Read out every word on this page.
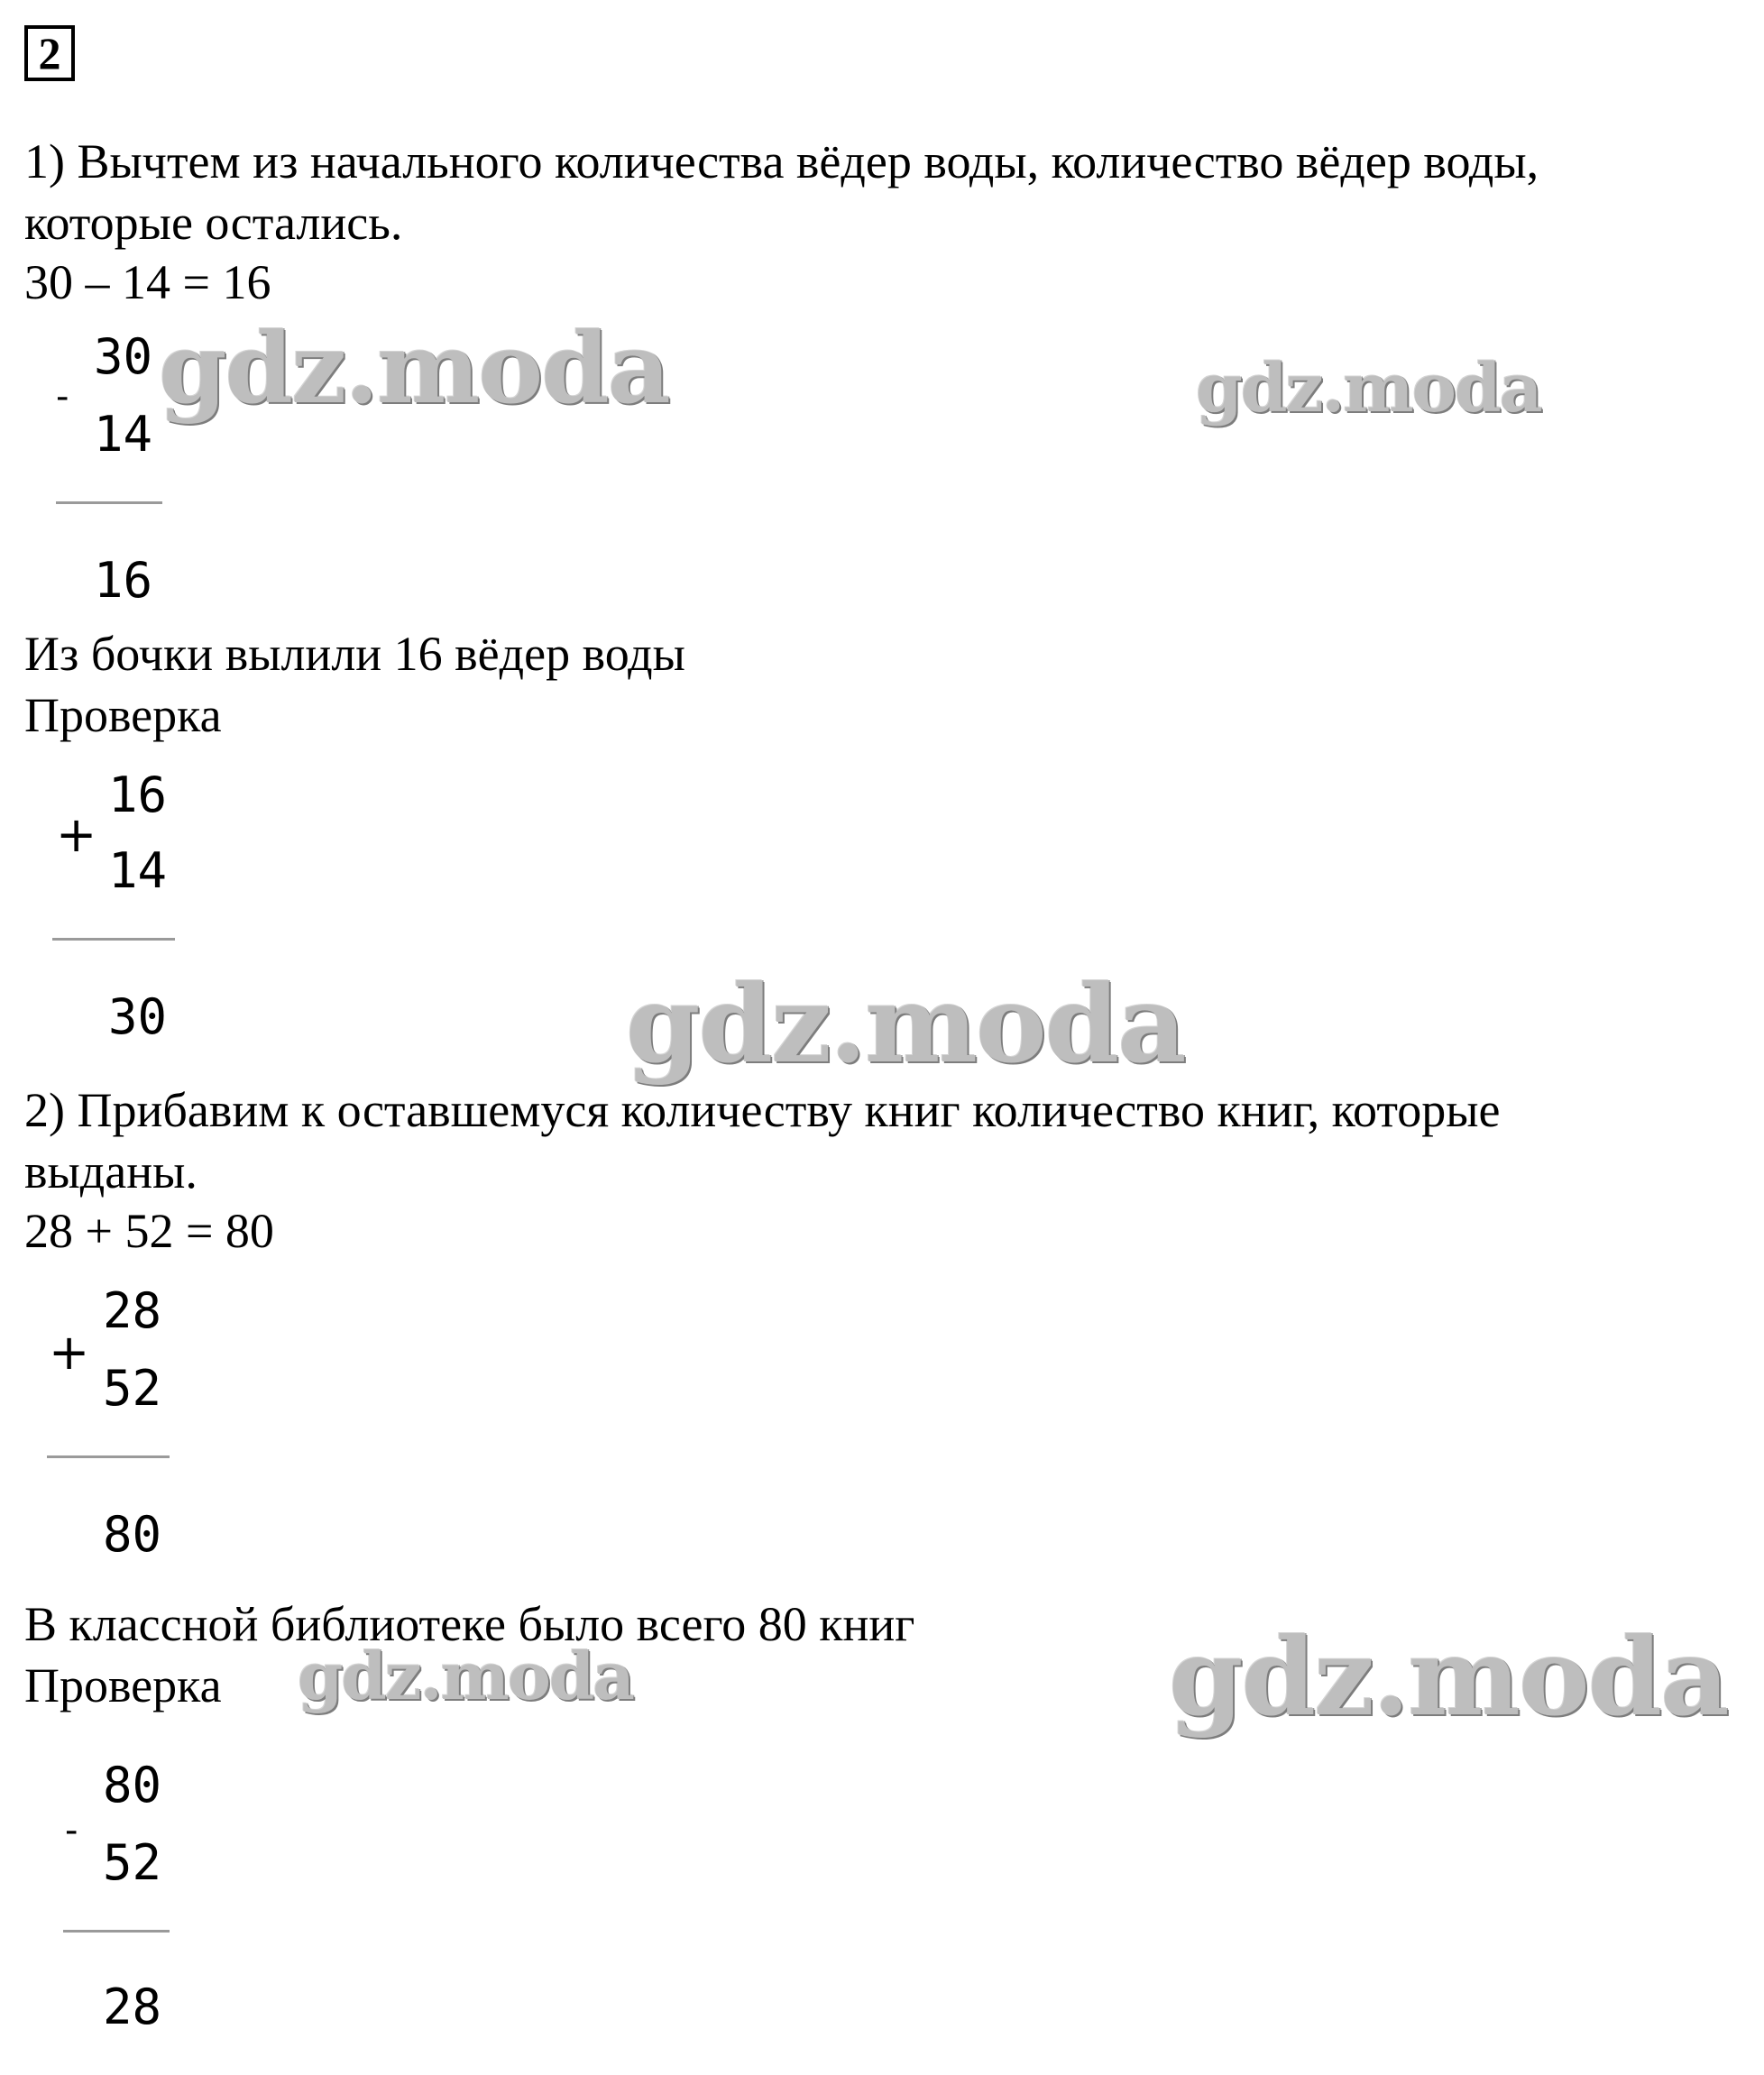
2
1) Вычтем из начального количества вёдер воды, количество вёдер воды,
которые остались.
30 – 14 = 16
-
30
14
16
Из бочки вылили 16 вёдер воды
Проверка
+
16
14
30
2) Прибавим к оставшемуся количеству книг количество книг, которые
выданы.
28 + 52 = 80
+
28
52
80
В классной библиотеке было всего 80 книг
Проверка
-
80
52
28
gdz.moda	gdz.moda
gdz.moda
gdz.moda	gdz.moda
